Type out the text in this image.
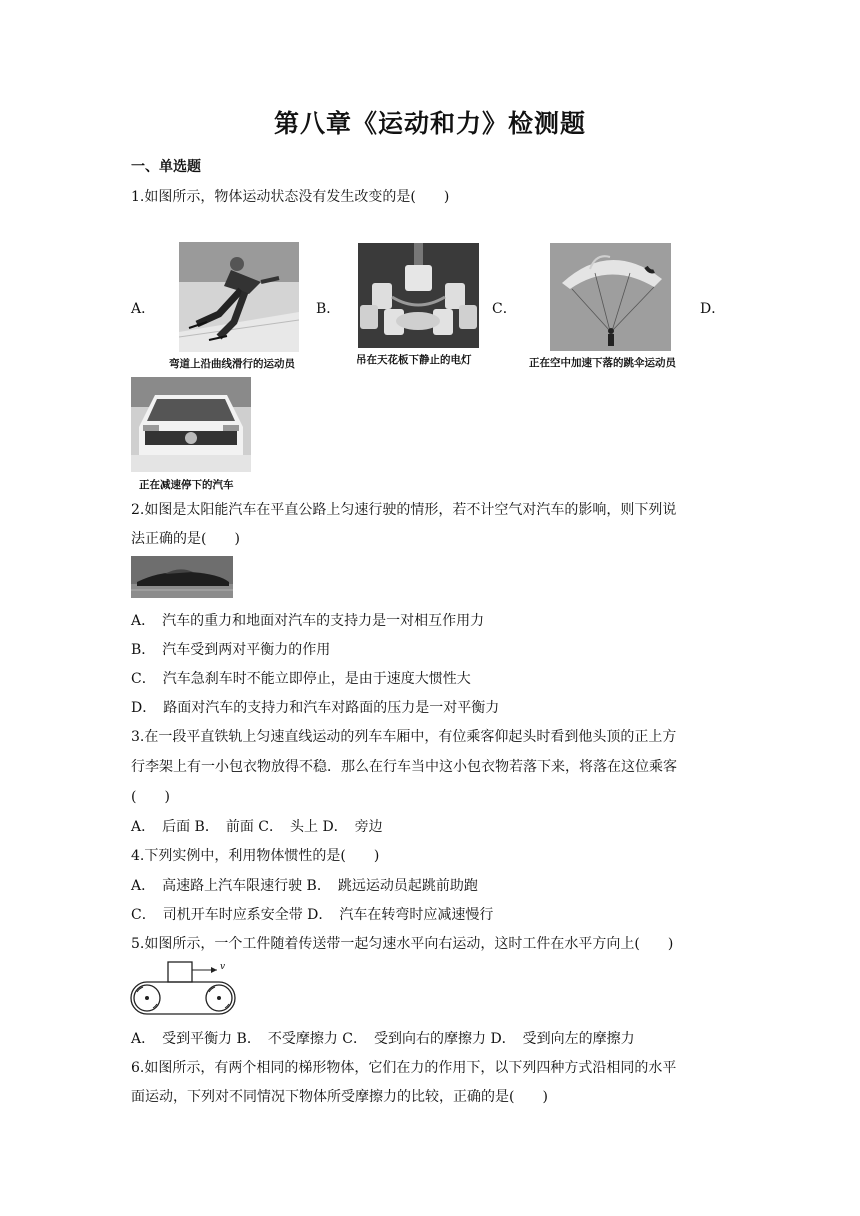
第八章《运动和力》检测题
一、单选题
1.如图所示，物体运动状态没有发生改变的是(　　)
A．	B．	C．	D．
弯道上沿曲线滑行的运动员	吊在天花板下静止的电灯	正在空中加速下落的跳伞运动员
正在减速停下的汽车
2.如图是太阳能汽车在平直公路上匀速行驶的情形，若不计空气对汽车的影响，则下列说
法正确的是(　　)
A．　汽车的重力和地面对汽车的支持力是一对相互作用力
B．　汽车受到两对平衡力的作用
C．　汽车急刹车时不能立即停止，是由于速度大惯性大
D．　路面对汽车的支持力和汽车对路面的压力是一对平衡力
3.在一段平直铁轨上匀速直线运动的列车车厢中，有位乘客仰起头时看到他头顶的正上方
行李架上有一小包衣物放得不稳．那么在行车当中这小包衣物若落下来，将落在这位乘客
(　　)
A．　后面 B．　前面 C．　头上 D．　旁边
4.下列实例中，利用物体惯性的是(　　)
A．　高速路上汽车限速行驶 B．　跳远运动员起跳前助跑
C．　司机开车时应系安全带 D．　汽车在转弯时应减速慢行
5.如图所示，一个工件随着传送带一起匀速水平向右运动，这时工件在水平方向上(　　)
v
A．　受到平衡力 B．　不受摩擦力 C．　受到向右的摩擦力 D．　受到向左的摩擦力
6.如图所示，有两个相同的梯形物体，它们在力的作用下，以下列四种方式沿相同的水平
面运动，下列对不同情况下物体所受摩擦力的比较，正确的是(　　)
